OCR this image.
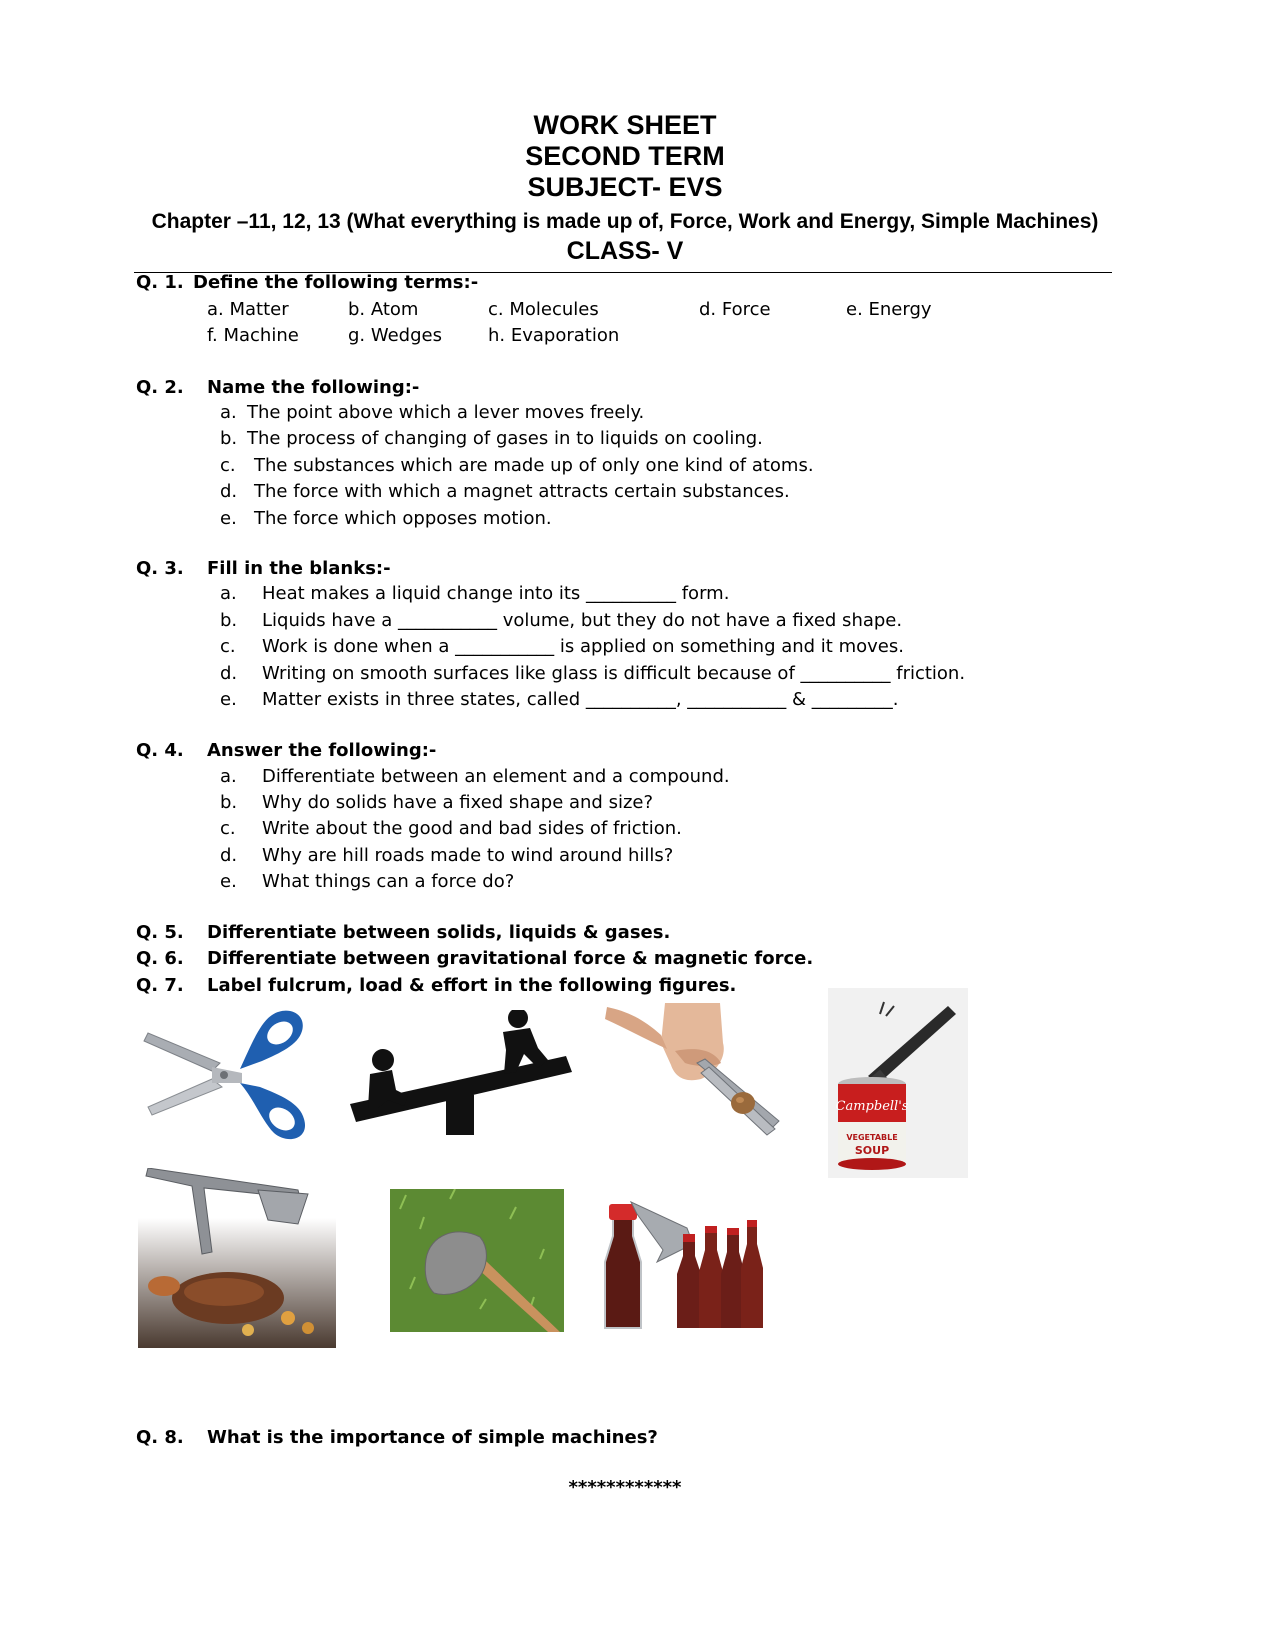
WORK SHEET
SECOND TERM
SUBJECT- EVS
Chapter –11, 12, 13 (What everything is made up of, Force, Work and Energy, Simple Machines)
CLASS- V
Q. 1. Define the following terms:-
a. Matter	b. Atom	c. Molecules	d. Force	e. Energy
f. Machine	g. Wedges	h. Evaporation
Q. 2. Name the following:-
a. The point above which a lever moves freely.
b. The process of changing of gases in to liquids on cooling.
c. The substances which are made up of only one kind of atoms.
d. The force with which a magnet attracts certain substances.
e. The force which opposes motion.
Q. 3. Fill in the blanks:-
a. Heat makes a liquid change into its __________ form.
b. Liquids have a ___________ volume, but they do not have a fixed shape.
c. Work is done when a ___________ is applied on something and it moves.
d. Writing on smooth surfaces like glass is difficult because of __________ friction.
e. Matter exists in three states, called __________, ___________ & _________.
Q. 4. Answer the following:-
a. Differentiate between an element and a compound.
b. Why do solids have a fixed shape and size?
c. Write about the good and bad sides of friction.
d. Why are hill roads made to wind around hills?
e. What things can a force do?
Q. 5. Differentiate between solids, liquids & gases.
Q. 6. Differentiate between gravitational force & magnetic force.
Q. 7. Label fulcrum, load & effort in the following figures.
Campbell's
VEGETABLE
SOUP
Q. 8. What is the importance of simple machines?
************
